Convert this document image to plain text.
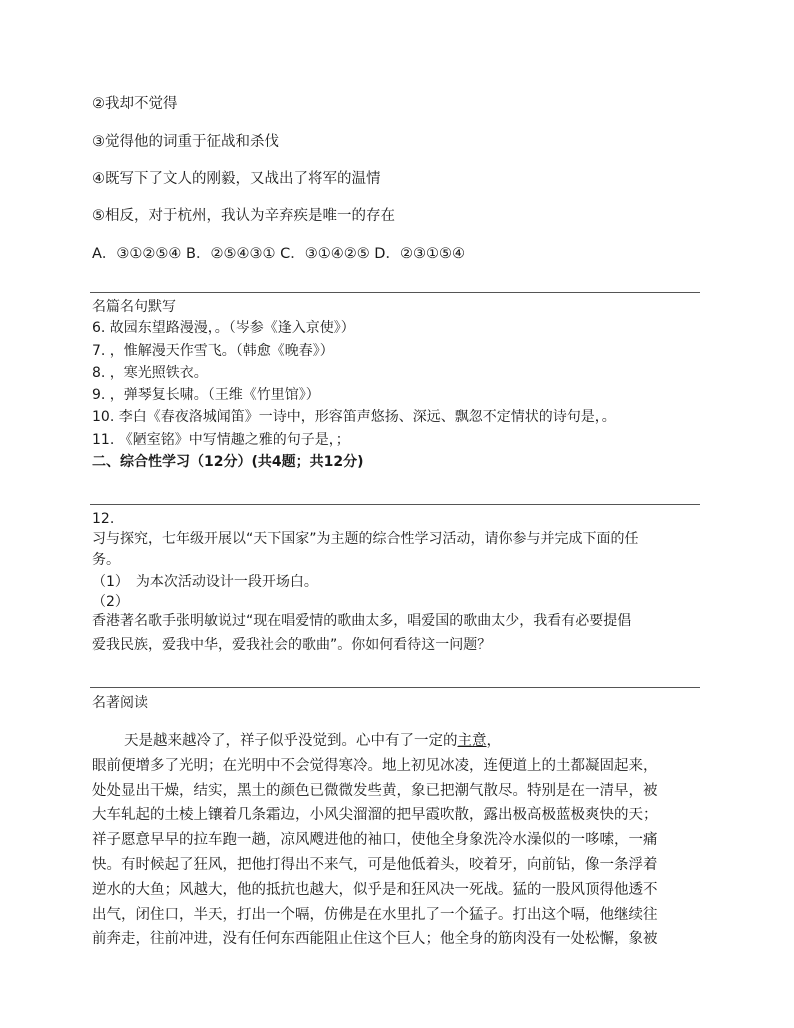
②我却不觉得
③觉得他的词重于征战和杀伐
④既写下了文人的刚毅，又战出了将军的温情
⑤相反，对于杭州，我认为辛弃疾是唯一的存在
A．③①②⑤④ B．②⑤④③① C．③①④②⑤ D．②③①⑤④
名篇名句默写
6. 故园东望路漫漫，。（岑参《逢入京使》）
7. ，惟解漫天作雪飞。（韩愈《晚春》）
8. ，寒光照铁衣。
9. ，弹琴复长啸。（王维《竹里馆》）
10. 李白《春夜洛城闻笛》一诗中，形容笛声悠扬、深远、飘忽不定情状的诗句是，。
11. 《陋室铭》中写情趣之雅的句子是，；
二、综合性学习（12分）(共4题；共12分)
12.
习与探究，七年级开展以“天下国家”为主题的综合性学习活动，请你参与并完成下面的任
务。
（1）　为本次活动设计一段开场白。
（2）
香港著名歌手张明敏说过“现在唱爱情的歌曲太多，唱爱国的歌曲太少，我看有必要提倡
爱我民族，爱我中华，爱我社会的歌曲”。你如何看待这一问题？
名著阅读
天是越来越冷了，祥子似乎没觉到。心中有了一定的主意，
眼前便增多了光明；在光明中不会觉得寒冷。地上初见冰凌，连便道上的土都凝固起来，
处处显出干燥，结实，黑土的颜色已微微发些黄，象已把潮气散尽。特别是在一清早，被
大车轧起的土棱上镶着几条霜边，小风尖溜溜的把早霞吹散，露出极高极蓝极爽快的天；
祥子愿意早早的拉车跑一趟，凉风飕进他的袖口，使他全身象洗冷水澡似的一哆嗦，一痛
快。有时候起了狂风，把他打得出不来气，可是他低着头，咬着牙，向前钻，像一条浮着
逆水的大鱼；风越大，他的抵抗也越大，似乎是和狂风决一死战。猛的一股风顶得他透不
出气，闭住口，半天，打出一个嗝，仿佛是在水里扎了一个猛子。打出这个嗝，他继续往
前奔走，往前冲进，没有任何东西能阻止住这个巨人；他全身的筋肉没有一处松懈，象被
